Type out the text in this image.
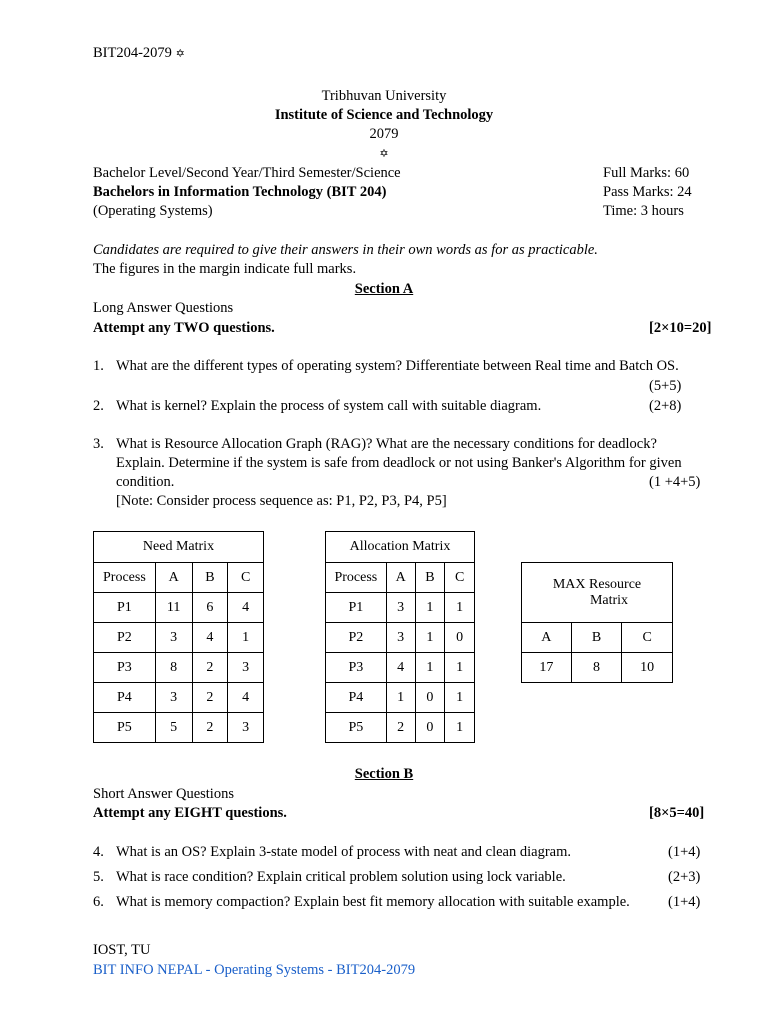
BIT204-2079 ✡
Tribhuvan University
Institute of Science and Technology
2079
✡
Bachelor Level/Second Year/Third Semester/Science
Bachelors in Information Technology (BIT 204)
(Operating Systems)
Full Marks: 60
Pass Marks: 24
Time: 3 hours
Candidates are required to give their answers in their own words as for as practicable.
The figures in the margin indicate full marks.
Section A
Long Answer Questions
Attempt any TWO questions.	[2×10=20]
1. What are the different types of operating system? Differentiate between Real time and Batch OS.
(5+5)
2. What is kernel? Explain the process of system call with suitable diagram.	(2+8)
3. What is Resource Allocation Graph (RAG)? What are the necessary conditions for deadlock?
Explain. Determine if the system is safe from deadlock or not using Banker's Algorithm for given
condition.	(1 +4+5)
[Note: Consider process sequence as: P1, P2, P3, P4, P5]
Need Matrix			
Process	A	B	C
P1	11	6	4
P2	3	4	1
P3	8	2	3
P4	3	2	4
P5	5	2	3
Allocation Matrix			
Process	A	B	C
P1	3	1	1
P2	3	1	0
P3	4	1	1
P4	1	0	1
P5	2	0	1
MAX Resource
Matrix		

A	B	C
17	8	10
Section B
Short Answer Questions
Attempt any EIGHT questions.	[8×5=40]
4. What is an OS? Explain 3-state model of process with neat and clean diagram.	(1+4)
5. What is race condition? Explain critical problem solution using lock variable.	(2+3)
6. What is memory compaction? Explain best fit memory allocation with suitable example.	(1+4)
IOST, TU
BIT INFO NEPAL - Operating Systems - BIT204-2079
